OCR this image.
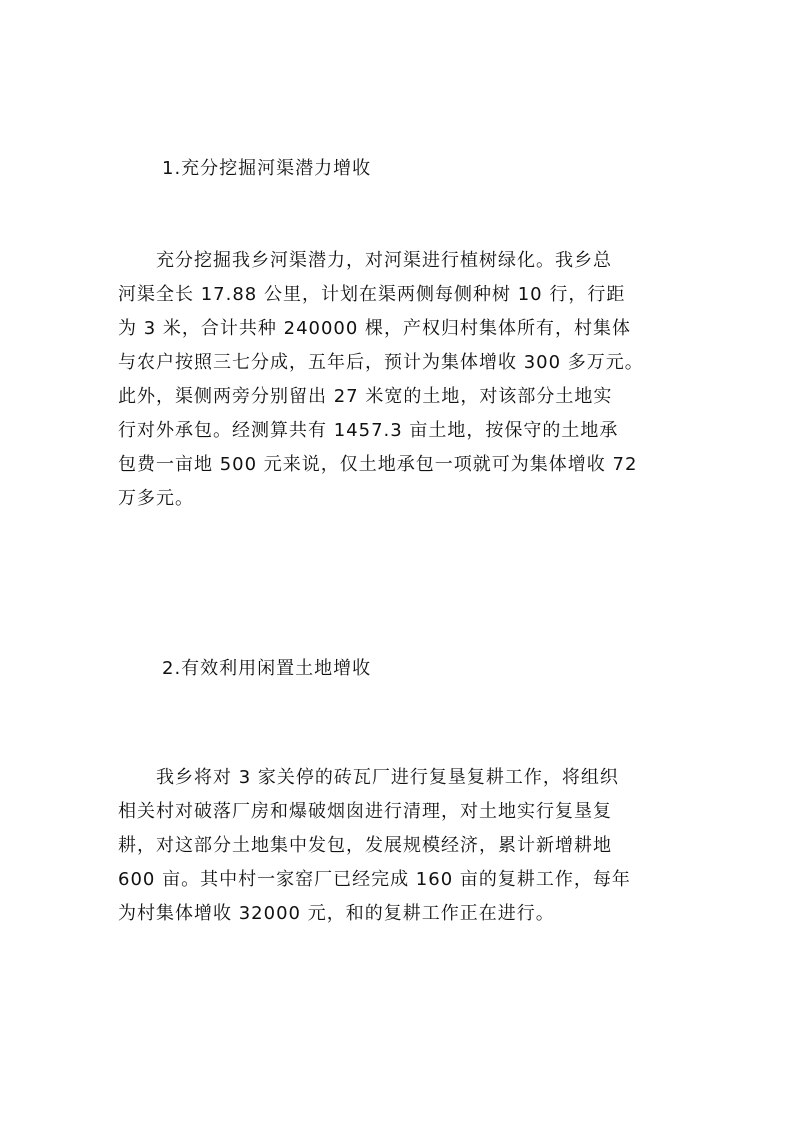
1.充分挖掘河渠潜力增收
　　充分挖掘我乡河渠潜力，对河渠进行植树绿化。我乡总
河渠全长 17.88 公里，计划在渠两侧每侧种树 10 行，行距
为 3 米，合计共种 240000 棵，产权归村集体所有，村集体
与农户按照三七分成，五年后，预计为集体增收 300 多万元。
此外，渠侧两旁分别留出 27 米宽的土地，对该部分土地实
行对外承包。经测算共有 1457.3 亩土地，按保守的土地承
包费一亩地 500 元来说，仅土地承包一项就可为集体增收 72
万多元。
2.有效利用闲置土地增收
　　我乡将对 3 家关停的砖瓦厂进行复垦复耕工作，将组织
相关村对破落厂房和爆破烟囱进行清理，对土地实行复垦复
耕，对这部分土地集中发包，发展规模经济，累计新增耕地
600 亩。其中村一家窑厂已经完成 160 亩的复耕工作，每年
为村集体增收 32000 元，和的复耕工作正在进行。
